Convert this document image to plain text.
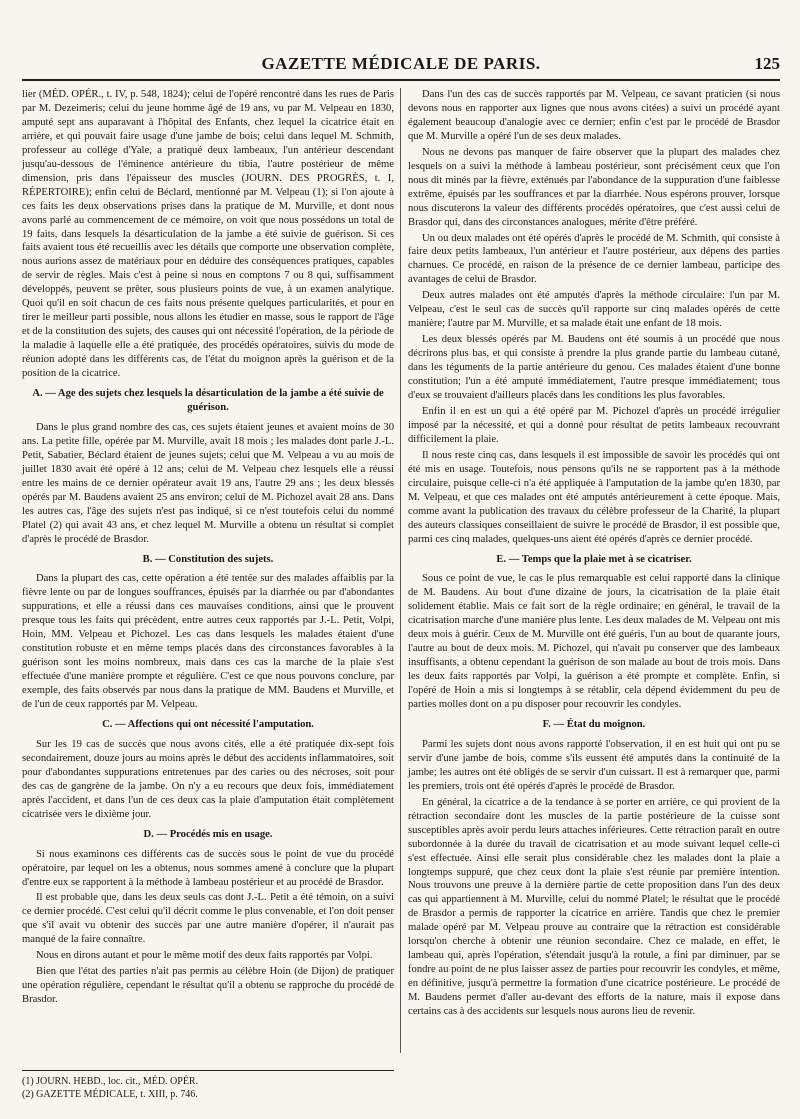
GAZETTE MÉDICALE DE PARIS.	125

lier (MÉD. OPÉR., t. IV, p. 548, 1824); celui de l'opéré rencontré dans les rues de Paris par M. Dezeimeris; celui du jeune homme âgé de 19 ans, vu par M. Velpeau en 1830, amputé sept ans auparavant à l'hôpital des Enfants, chez lequel la cicatrice était en arrière, et qui pouvait faire usage d'une jambe de bois; celui dans lequel M. Schmith, professeur au collége d'Yale, a pratiqué deux lambeaux, l'un antérieur descendant jusqu'au-dessous de l'éminence antérieure du tibia, l'autre postérieur de même dimension, pris dans l'épaisseur des muscles (JOURN. DES PROGRÈS, t. I, RÉPERTOIRE); enfin celui de Béclard, mentionné par M. Velpeau (1); si l'on ajoute à ces faits les deux observations prises dans la pratique de M. Murville, et dont nous avons parlé au commencement de ce mémoire, on voit que nous possédons un total de 19 faits, dans lesquels la désarticulation de la jambe a été suivie de guérison. Si ces faits avaient tous été recueillis avec les détails que comporte une observation complète, nous aurions assez de matériaux pour en déduire des conséquences pratiques, capables de servir de règles. Mais c'est à peine si nous en comptons 7 ou 8 qui, suffisamment développés, peuvent se prêter, sous plusieurs points de vue, à un examen analytique. Quoi qu'il en soit chacun de ces faits nous présente quelques particularités, et pour en tirer le meilleur parti possible, nous allons les étudier en masse, sous le rapport de l'âge et de la constitution des sujets, des causes qui ont nécessité l'opération, de la période de la maladie à laquelle elle a été pratiquée, des procédés opératoires, suivis du mode de réunion adopté dans les différents cas, de l'état du moignon après la guérison et de la position de la cicatrice.

A. — Age des sujets chez lesquels la désarticulation de la jambe a été suivie de guérison.

Dans le plus grand nombre des cas, ces sujets étaient jeunes et avaient moins de 30 ans. La petite fille, opérée par M. Murville, avait 18 mois ; les malades dont parle J.-L. Petit, Sabatier, Béclard étaient de jeunes sujets; celui que M. Velpeau a vu au mois de juillet 1830 avait été opéré à 12 ans; celui de M. Velpeau chez lesquels elle a réussi entre les mains de ce dernier opérateur avait 19 ans, l'autre 29 ans ; les deux blessés opérés par M. Baudens avaient 25 ans environ; celui de M. Pichozel avait 28 ans. Dans les autres cas, l'âge des sujets n'est pas indiqué, si ce n'est toutefois celui du nommé Platel (2) qui avait 43 ans, et chez lequel M. Murville a obtenu un résultat si complet d'après le procédé de Brasdor.

B. — Constitution des sujets.

Dans la plupart des cas, cette opération a été tentée sur des malades affaiblis par la fièvre lente ou par de longues souffrances, épuisés par la diarrhée ou par d'abondantes suppurations, et elle a réussi dans ces mauvaises conditions, ainsi que le prouvent presque tous les faits qui précèdent, entre autres ceux rapportés par J.-L. Petit, Volpi, Hoin, MM. Velpeau et Pichozel. Les cas dans lesquels les malades étaient d'une constitution robuste et en même temps placés dans des circonstances favorables à la guérison sont les moins nombreux, mais dans ces cas la marche de la plaie s'est effectuée d'une manière prompte et régulière. C'est ce que nous pouvons conclure, par exemple, des faits observés par nous dans la pratique de MM. Baudens et Murville, et de l'un de ceux rapportés par M. Velpeau.

C. — Affections qui ont nécessité l'amputation.

Sur les 19 cas de succès que nous avons cités, elle a été pratiquée dix-sept fois secondairement, douze jours au moins après le début des accidents inflammatoires, soit pour d'abondantes suppurations entretenues par des caries ou des nécroses, soit pour des cas de gangrène de la jambe. On n'y a eu recours que deux fois, immédiatement après l'accident, et dans l'un de ces deux cas la plaie d'amputation était complètement cicatrisée vers le dixième jour.

D. — Procédés mis en usage.

Si nous examinons ces différents cas de succès sous le point de vue du procédé opératoire, par lequel on les a obtenus, nous sommes amené à conclure que la plupart d'entre eux se rapportent à la méthode à lambeau postérieur et au procédé de Brasdor.

Il est probable que, dans les deux seuls cas dont J.-L. Petit a été témoin, on a suivi ce dernier procédé. C'est celui qu'il décrit comme le plus convenable, et l'on doit penser que s'il avait vu obtenir des succès par une autre manière d'opérer, il n'aurait pas manqué de la faire connaître.

Nous en dirons autant et pour le même motif des deux faits rapportés par Volpi.

Bien que l'état des parties n'ait pas permis au célèbre Hoin (de Dijon) de pratiquer une opération régulière, cependant le résultat qu'il a obtenu se rapproche du procédé de Brasdor.

Dans l'un des cas de succès rapportés par M. Velpeau, ce savant praticien (si nous devons nous en rapporter aux lignes que nous avons citées) a suivi un procédé ayant également beaucoup d'analogie avec ce dernier; enfin c'est par le procédé de Brasdor que M. Murville a opéré l'un de ses deux malades.

Nous ne devons pas manquer de faire observer que la plupart des malades chez lesquels on a suivi la méthode à lambeau postérieur, sont précisément ceux que l'on nous dit minés par la fièvre, exténués par l'abondance de la suppuration d'une faiblesse extrême, épuisés par les souffrances et par la diarrhée. Nous espérons prouver, lorsque nous discuterons la valeur des différents procédés opératoires, que c'est aussi celui de Brasdor qui, dans des circonstances analogues, mérite d'être préféré.

Un ou deux malades ont été opérés d'après le procédé de M. Schmith, qui consiste à faire deux petits lambeaux, l'un antérieur et l'autre postérieur, aux dépens des parties charnues. Ce procédé, en raison de la présence de ce dernier lambeau, participe des avantages de celui de Brasdor.

Deux autres malades ont été amputés d'après la méthode circulaire: l'un par M. Velpeau, c'est le seul cas de succès qu'il rapporte sur cinq malades opérés de cette manière; l'autre par M. Murville, et sa malade était une enfant de 18 mois.

Les deux blessés opérés par M. Baudens ont été soumis à un procédé que nous décrirons plus bas, et qui consiste à prendre la plus grande partie du lambeau cutané, dans les téguments de la partie antérieure du genou. Ces malades étaient d'une bonne constitution; l'un a été amputé immédiatement, l'autre presque immédiatement; tous d'eux se trouvaient d'ailleurs placés dans les conditions les plus favorables.

Enfin il en est un qui a été opéré par M. Pichozel d'après un procédé irrégulier imposé par la nécessité, et qui a donné pour résultat de petits lambeaux recouvrant difficilement la plaie.

Il nous reste cinq cas, dans lesquels il est impossible de savoir les procédés qui ont été mis en usage. Toutefois, nous pensons qu'ils ne se rapportent pas à la méthode circulaire, puisque celle-ci n'a été appliquée à l'amputation de la jambe qu'en 1830, par M. Velpeau, et que ces malades ont été amputés antérieurement à cette époque. Mais, comme avant la publication des travaux du célèbre professeur de la Charité, la plupart des auteurs classiques conseillaient de suivre le procédé de Brasdor, il est possible que, parmi ces cinq malades, quelques-uns aient été opérés d'après ce dernier procédé.

E. — Temps que la plaie met à se cicatriser.

Sous ce point de vue, le cas le plus remarquable est celui rapporté dans la clinique de M. Baudens. Au bout d'une dizaine de jours, la cicatrisation de la plaie était solidement établie. Mais ce fait sort de la règle ordinaire; en général, le travail de la cicatrisation marche d'une manière plus lente. Les deux malades de M. Velpeau ont mis deux mois à guérir. Ceux de M. Murville ont été guéris, l'un au bout de quarante jours, l'autre au bout de deux mois. M. Pichozel, qui n'avait pu conserver que des lambeaux insuffisants, a obtenu cependant la guérison de son malade au bout de trois mois. Dans les deux faits rapportés par Volpi, la guérison a été prompte et complète. Enfin, si l'opéré de Hoin a mis si longtemps à se rétablir, cela dépend évidemment du peu de parties molles dont on a pu disposer pour recouvrir les condyles.

F. — État du moignon.

Parmi les sujets dont nous avons rapporté l'observation, il en est huit qui ont pu se servir d'une jambe de bois, comme s'ils eussent été amputés dans la continuité de la jambe; les autres ont été obligés de se servir d'un cuissart. Il est à remarquer que, parmi les premiers, trois ont été opérés d'après le procédé de Brasdor.

En général, la cicatrice a de la tendance à se porter en arrière, ce qui provient de la rétraction secondaire dont les muscles de la partie postérieure de la cuisse sont susceptibles après avoir perdu leurs attaches inférieures. Cette rétraction paraît en outre subordonnée à la durée du travail de cicatrisation et au mode suivant lequel celle-ci s'est effectuée. Ainsi elle serait plus considérable chez les malades dont la plaie a longtemps suppuré, que chez ceux dont la plaie s'est réunie par première intention. Nous trouvons une preuve à la dernière partie de cette proposition dans l'un des deux cas qui appartiennent à M. Murville, celui du nommé Platel; le résultat que le procédé de Brasdor a permis de rapporter la cicatrice en arrière. Tandis que chez le premier malade opéré par M. Velpeau prouve au contraire que la rétraction est considérable lorsqu'on cherche à obtenir une réunion secondaire. Chez ce malade, en effet, le lambeau qui, après l'opération, s'étendait jusqu'à la rotule, a fini par diminuer, par se fondre au point de ne plus laisser assez de parties pour recouvrir les condyles, et même, en définitive, jusqu'à permettre la formation d'une cicatrice postérieure. Le procédé de M. Baudens permet d'aller au-devant des efforts de la nature, mais il expose dans certains cas à des accidents sur lesquels nous aurons lieu de revenir.

(1) JOURN. HEBD., loc. cit., MÉD. OPÉR.
(2) GAZETTE MÉDICALE, t. XIII, p. 746.
